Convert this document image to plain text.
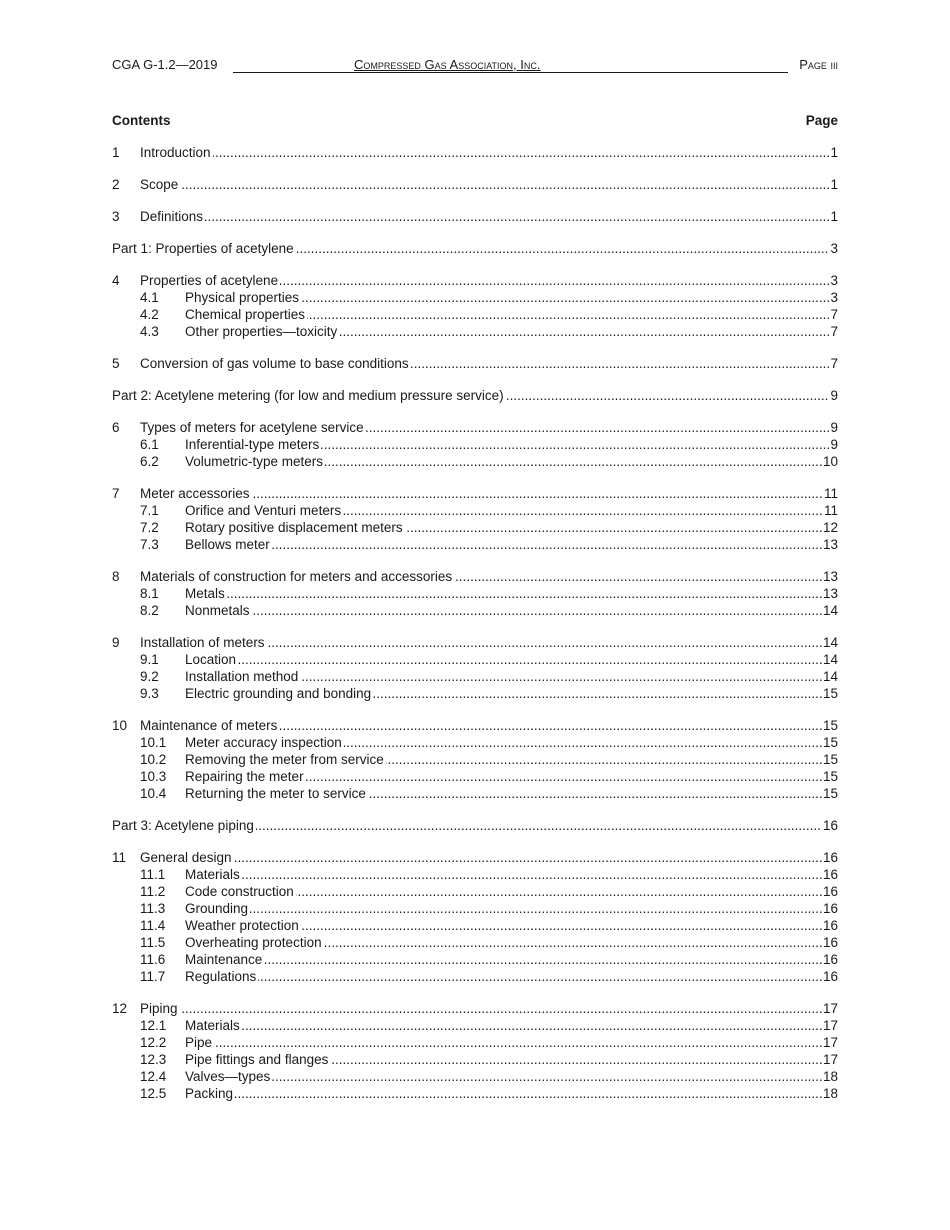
CGA G-1.2—2019	Compressed Gas Association, Inc.	Page iii
Contents	Page
1 ..... Introduction	1
2 ..... Scope	1
3 ..... Definitions	1
.....
Part 1: Properties of acetylene	3
4 ..... Properties of acetylene	3
4.1 ..... Physical properties	3
4.2 ..... Chemical properties	7
4.3 ..... Other properties—toxicity	7
5 ..... Conversion of gas volume to base conditions	7
.....
Part 2: Acetylene metering (for low and medium pressure service)	9
6 ..... Types of meters for acetylene service	9
6.1 ..... Inferential-type meters	9
6.2 ..... Volumetric-type meters	10
7 ..... Meter accessories	11
7.1 ..... Orifice and Venturi meters	11
7.2 ..... Rotary positive displacement meters	12
7.3 ..... Bellows meter	13
8 ..... Materials of construction for meters and accessories	13
8.1 ..... Metals	13
8.2 ..... Nonmetals	14
9 ..... Installation of meters	14
9.1 ..... Location	14
9.2 ..... Installation method	14
9.3 ..... Electric grounding and bonding	15
10 ..... Maintenance of meters	15
10.1 ..... Meter accuracy inspection	15
10.2 ..... Removing the meter from service	15
10.3 ..... Repairing the meter	15
10.4 ..... Returning the meter to service	15
.....
Part 3: Acetylene piping	16
11 ..... General design	16
11.1 ..... Materials	16
11.2 ..... Code construction	16
11.3 ..... Grounding	16
11.4 ..... Weather protection	16
11.5 ..... Overheating protection	16
11.6 ..... Maintenance	16
11.7 ..... Regulations	16
12 ..... Piping	17
12.1 ..... Materials	17
12.2 ..... Pipe	17
12.3 ..... Pipe fittings and flanges	17
12.4 ..... Valves—types	18
12.5 ..... Packing	18
